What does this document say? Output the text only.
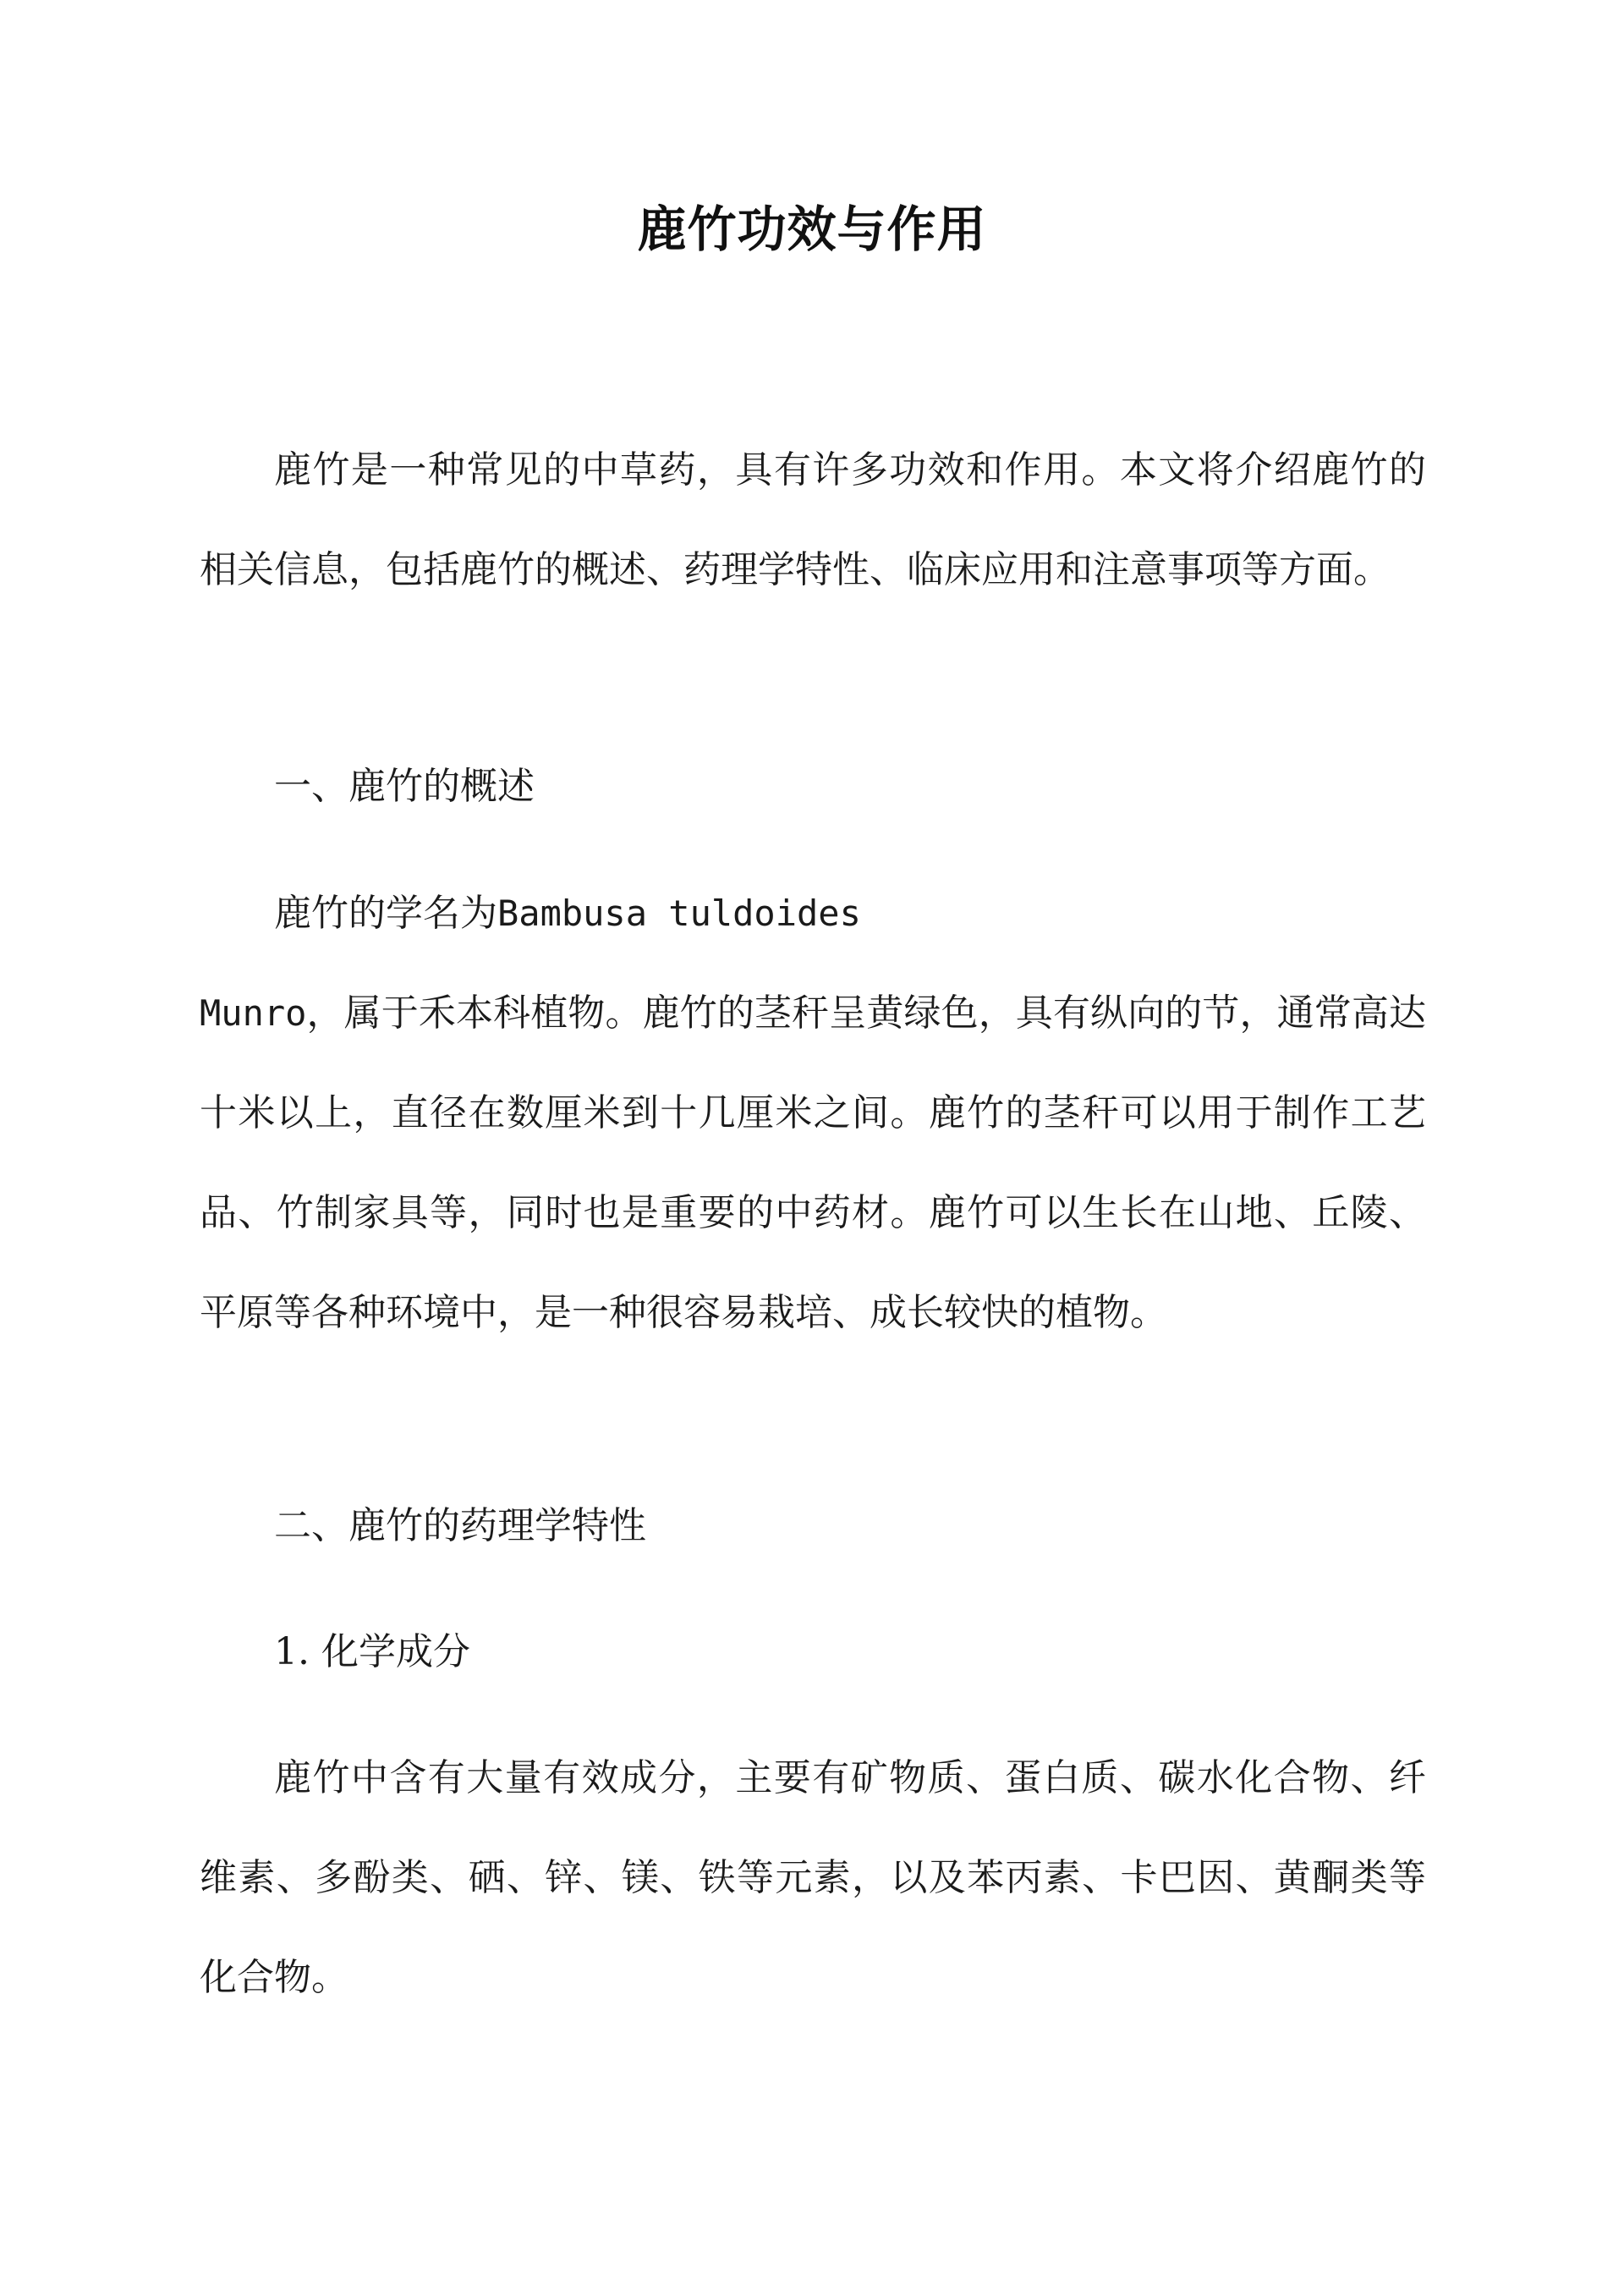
鹿竹功效与作用

鹿竹是一种常见的中草药，具有许多功效和作用。本文将介绍鹿竹的相关信息，包括鹿竹的概述、药理学特性、临床应用和注意事项等方面。

一、鹿竹的概述
鹿竹的学名为Bambusa tuldoides
Munro，属于禾本科植物。鹿竹的茎秆呈黄绿色，具有纵向的节，通常高达十米以上，直径在数厘米到十几厘米之间。鹿竹的茎秆可以用于制作工艺品、竹制家具等，同时也是重要的中药材。鹿竹可以生长在山地、丘陵、平原等各种环境中，是一种很容易栽培、成长较快的植物。
二、鹿竹的药理学特性
1. 化学成分

鹿竹中含有大量有效成分，主要有矿物质、蛋白质、碳水化合物、纤维素、多酚类、硒、锌、镁、铁等元素，以及苯丙素、卡巴因、黄酮类等化合物。
